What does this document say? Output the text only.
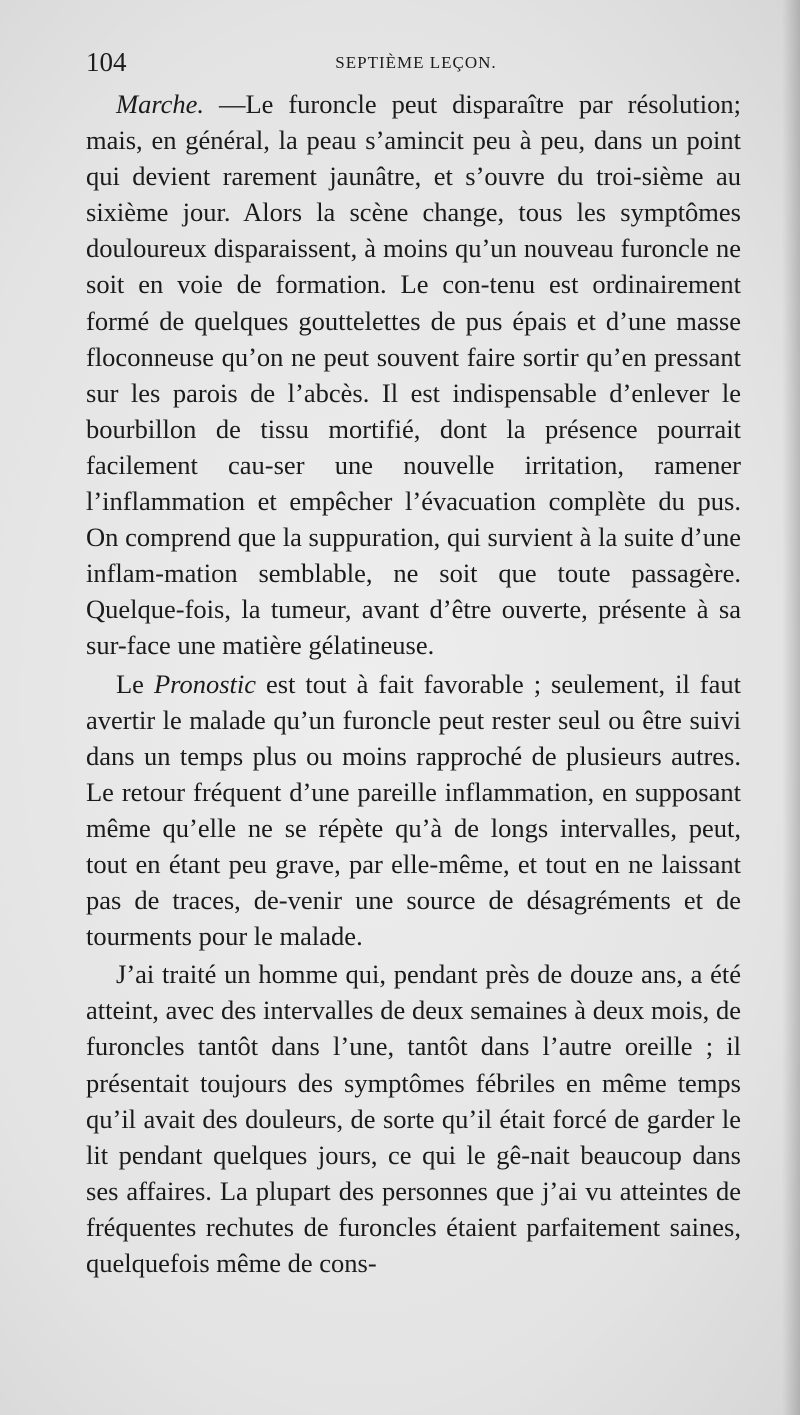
104	SEPTIÈME LEÇON.

Marche. —Le furoncle peut disparaître par résolution; mais, en général, la peau s’amincit peu à peu, dans un point qui devient rarement jaunâtre, et s’ouvre du troi-sième au sixième jour. Alors la scène change, tous les symptômes douloureux disparaissent, à moins qu’un nouveau furoncle ne soit en voie de formation. Le con-tenu est ordinairement formé de quelques gouttelettes de pus épais et d’une masse floconneuse qu’on ne peut souvent faire sortir qu’en pressant sur les parois de l’abcès. Il est indispensable d’enlever le bourbillon de tissu mortifié, dont la présence pourrait facilement cau-ser une nouvelle irritation, ramener l’inflammation et empêcher l’évacuation complète du pus. On comprend que la suppuration, qui survient à la suite d’une inflam-mation semblable, ne soit que toute passagère. Quelque-fois, la tumeur, avant d’être ouverte, présente à sa sur-face une matière gélatineuse.

Le Pronostic est tout à fait favorable ; seulement, il faut avertir le malade qu’un furoncle peut rester seul ou être suivi dans un temps plus ou moins rapproché de plusieurs autres. Le retour fréquent d’une pareille inflammation, en supposant même qu’elle ne se répète qu’à de longs intervalles, peut, tout en étant peu grave, par elle-même, et tout en ne laissant pas de traces, de-venir une source de désagréments et de tourments pour le malade.

J’ai traité un homme qui, pendant près de douze ans, a été atteint, avec des intervalles de deux semaines à deux mois, de furoncles tantôt dans l’une, tantôt dans l’autre oreille ; il présentait toujours des symptômes fébriles en même temps qu’il avait des douleurs, de sorte qu’il était forcé de garder le lit pendant quelques jours, ce qui le gê-nait beaucoup dans ses affaires. La plupart des personnes que j’ai vu atteintes de fréquentes rechutes de furoncles étaient parfaitement saines, quelquefois même de cons-
